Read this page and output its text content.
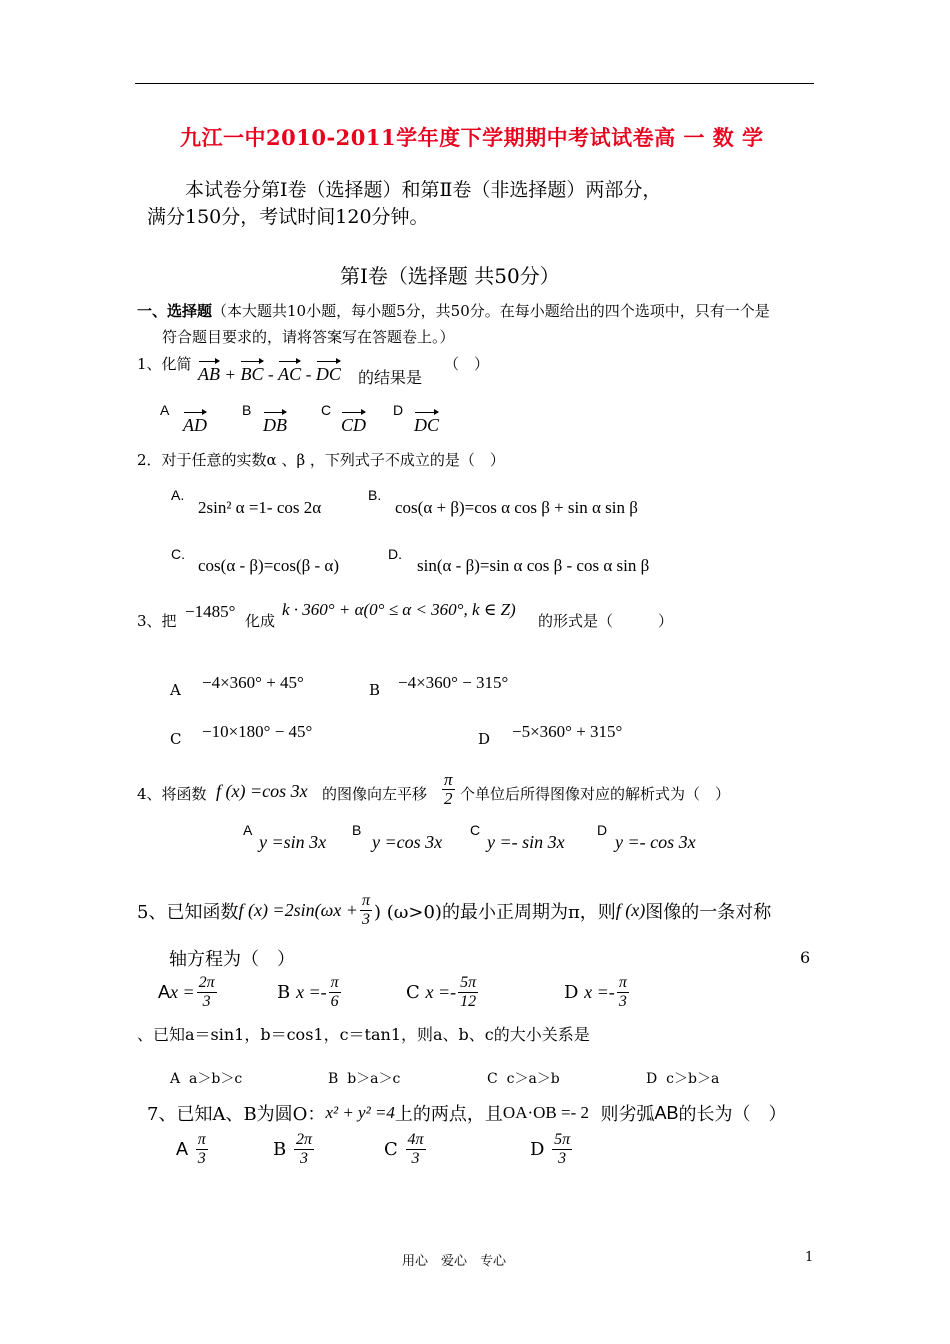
九江一中2010-2011学年度下学期期中考试试卷高 一 数 学
本试卷分第Ⅰ卷（选择题）和第Ⅱ卷（非选择题）两部分，
满分150分，考试时间120分钟。
第Ⅰ卷（选择题 共50分）
一、选择题（本大题共10小题，每小题5分，共50分。在每小题给出的四个选项中，只有一个是
符合题目要求的，请将答案写在答题卷上。）
1、化简 AB + BC - AC - DC 的结果是
（　）
A
AD
B
DB
C
CD
D
DC
2．对于任意的实数α 、β ，下列式子不成立的是（　）
A.
2sin² α =1- cos 2α
B.
cos(α + β)=cos α cos β + sin α sin β
C.
cos(α - β)=cos(β - α)
D.
sin(α - β)=sin α cos β - cos α sin β
3、把 −1485° 化成
k · 360° + α(0° ≤ α < 360°, k ∈ Z)
的形式是（　　　）
A −4×360° + 45°	B −4×360° − 315°
C −10×180° − 45°	D −5×360° + 315°
4、将函数 f (x) =cos 3x 的图像向左平移 $\frac{\pi}{2}$ 个单位后所得图像对应的解析式为（　）
A
y =sin 3x
B
y =cos 3x
C
y =- sin 3x
D
y =- cos 3x
5、已知函数 f $(x) =2\sin(\omega x + \frac{\pi}{3}$ ) (ω>0)的最小正周期为π，则 f (x) 图像的一条对称
轴方程为（　）	6
A $x = \frac{2\pi}{3}$	B
$x =- \frac{\pi}{6}$	C
$x =- \frac{5\pi}{12}$	D
$x =- \frac{\pi}{3}$
、已知a＝sin1，b＝cos1，c＝tan1，则a、b、c的大小关系是
A a＞b＞c	B b＞a＞c	C c＞a＞b	D c＞b＞a
7、已知A、B为圆O： x² + y² =4 上的两点，且 OA·OB =- 2
则劣弧 AB 的长为（　）
A
$\frac{\pi}{3}$	B
$\frac{2\pi}{3}$	C
$\frac{4\pi}{3}$	D
$\frac{5\pi}{3}$
用心　爱心　专心	1
